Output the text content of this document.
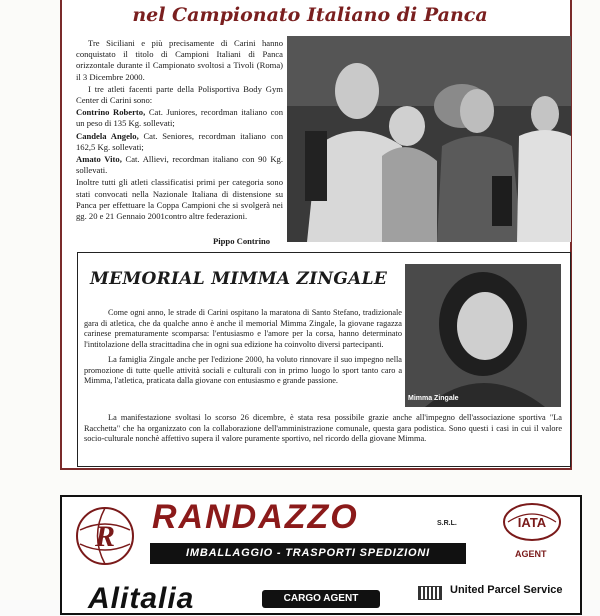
nel Campionato Italiano di Panca

Tre Siciliani e più precisamente di Carini hanno conquistato il titolo di Campioni Italiani di Panca orizzontale durante il Campionato svoltosi a Tivoli (Roma) il 3 Dicembre 2000.

I tre atleti facenti parte della Polisportiva Body Gym Center di Carini sono:

Contrino Roberto, Cat. Juniores, recordman italiano con un peso di 135 Kg. sollevati;

Candela Angelo, Cat. Seniores, recordman italiano con 162,5 Kg. sollevati;

Amato Vito, Cat. Allievi, recordman italiano con 90 Kg. sollevati.

Inoltre tutti gli atleti classificatisi primi per categoria sono stati convocati nella Nazionale Italiana di distensione su Panca per effettuare la Coppa Campioni che si svolgerà nei gg. 20 e 21 Gennaio 2001contro altre federazioni.

Pippo Contrino
MEMORIAL MIMMA ZINGALE
Mimma Zingale

Come ogni anno, le strade di Carini ospitano la maratona di Santo Stefano, tradizionale gara di atletica, che da qualche anno è anche il memorial Mimma Zingale, la giovane ragazza carinese prematuramente scomparsa: l'entusiasmo e l'amore per la corsa, hanno determinato l'intitolazione della stracittadina che in ogni sua edizione ha coinvolto diversi partecipanti.

La famiglia Zingale anche per l'edizione 2000, ha voluto rinnovare il suo impegno nella promozione di tutte quelle attività sociali e culturali con in primo luogo lo sport tanto caro a Mimma, l'atletica, praticata dalla giovane con entusiasmo e grande passione.

La manifestazione svoltasi lo scorso 26 dicembre, è stata resa possibile grazie anche all'impegno dell'associazione sportiva "La Racchetta" che ha organizzato con la collaborazione dell'amministrazione comunale, questa gara podistica. Sono questi i casi in cui il valore socio-culturale nonchè affettivo supera il valore puramente sportivo, nel ricordo della giovane Mimma.

R
RANDAZZO	S.R.L.
IMBALLAGGIO - TRASPORTI SPEDIZIONI
IATA
AGENT
Alitalia	CARGO AGENT
United Parcel Service
